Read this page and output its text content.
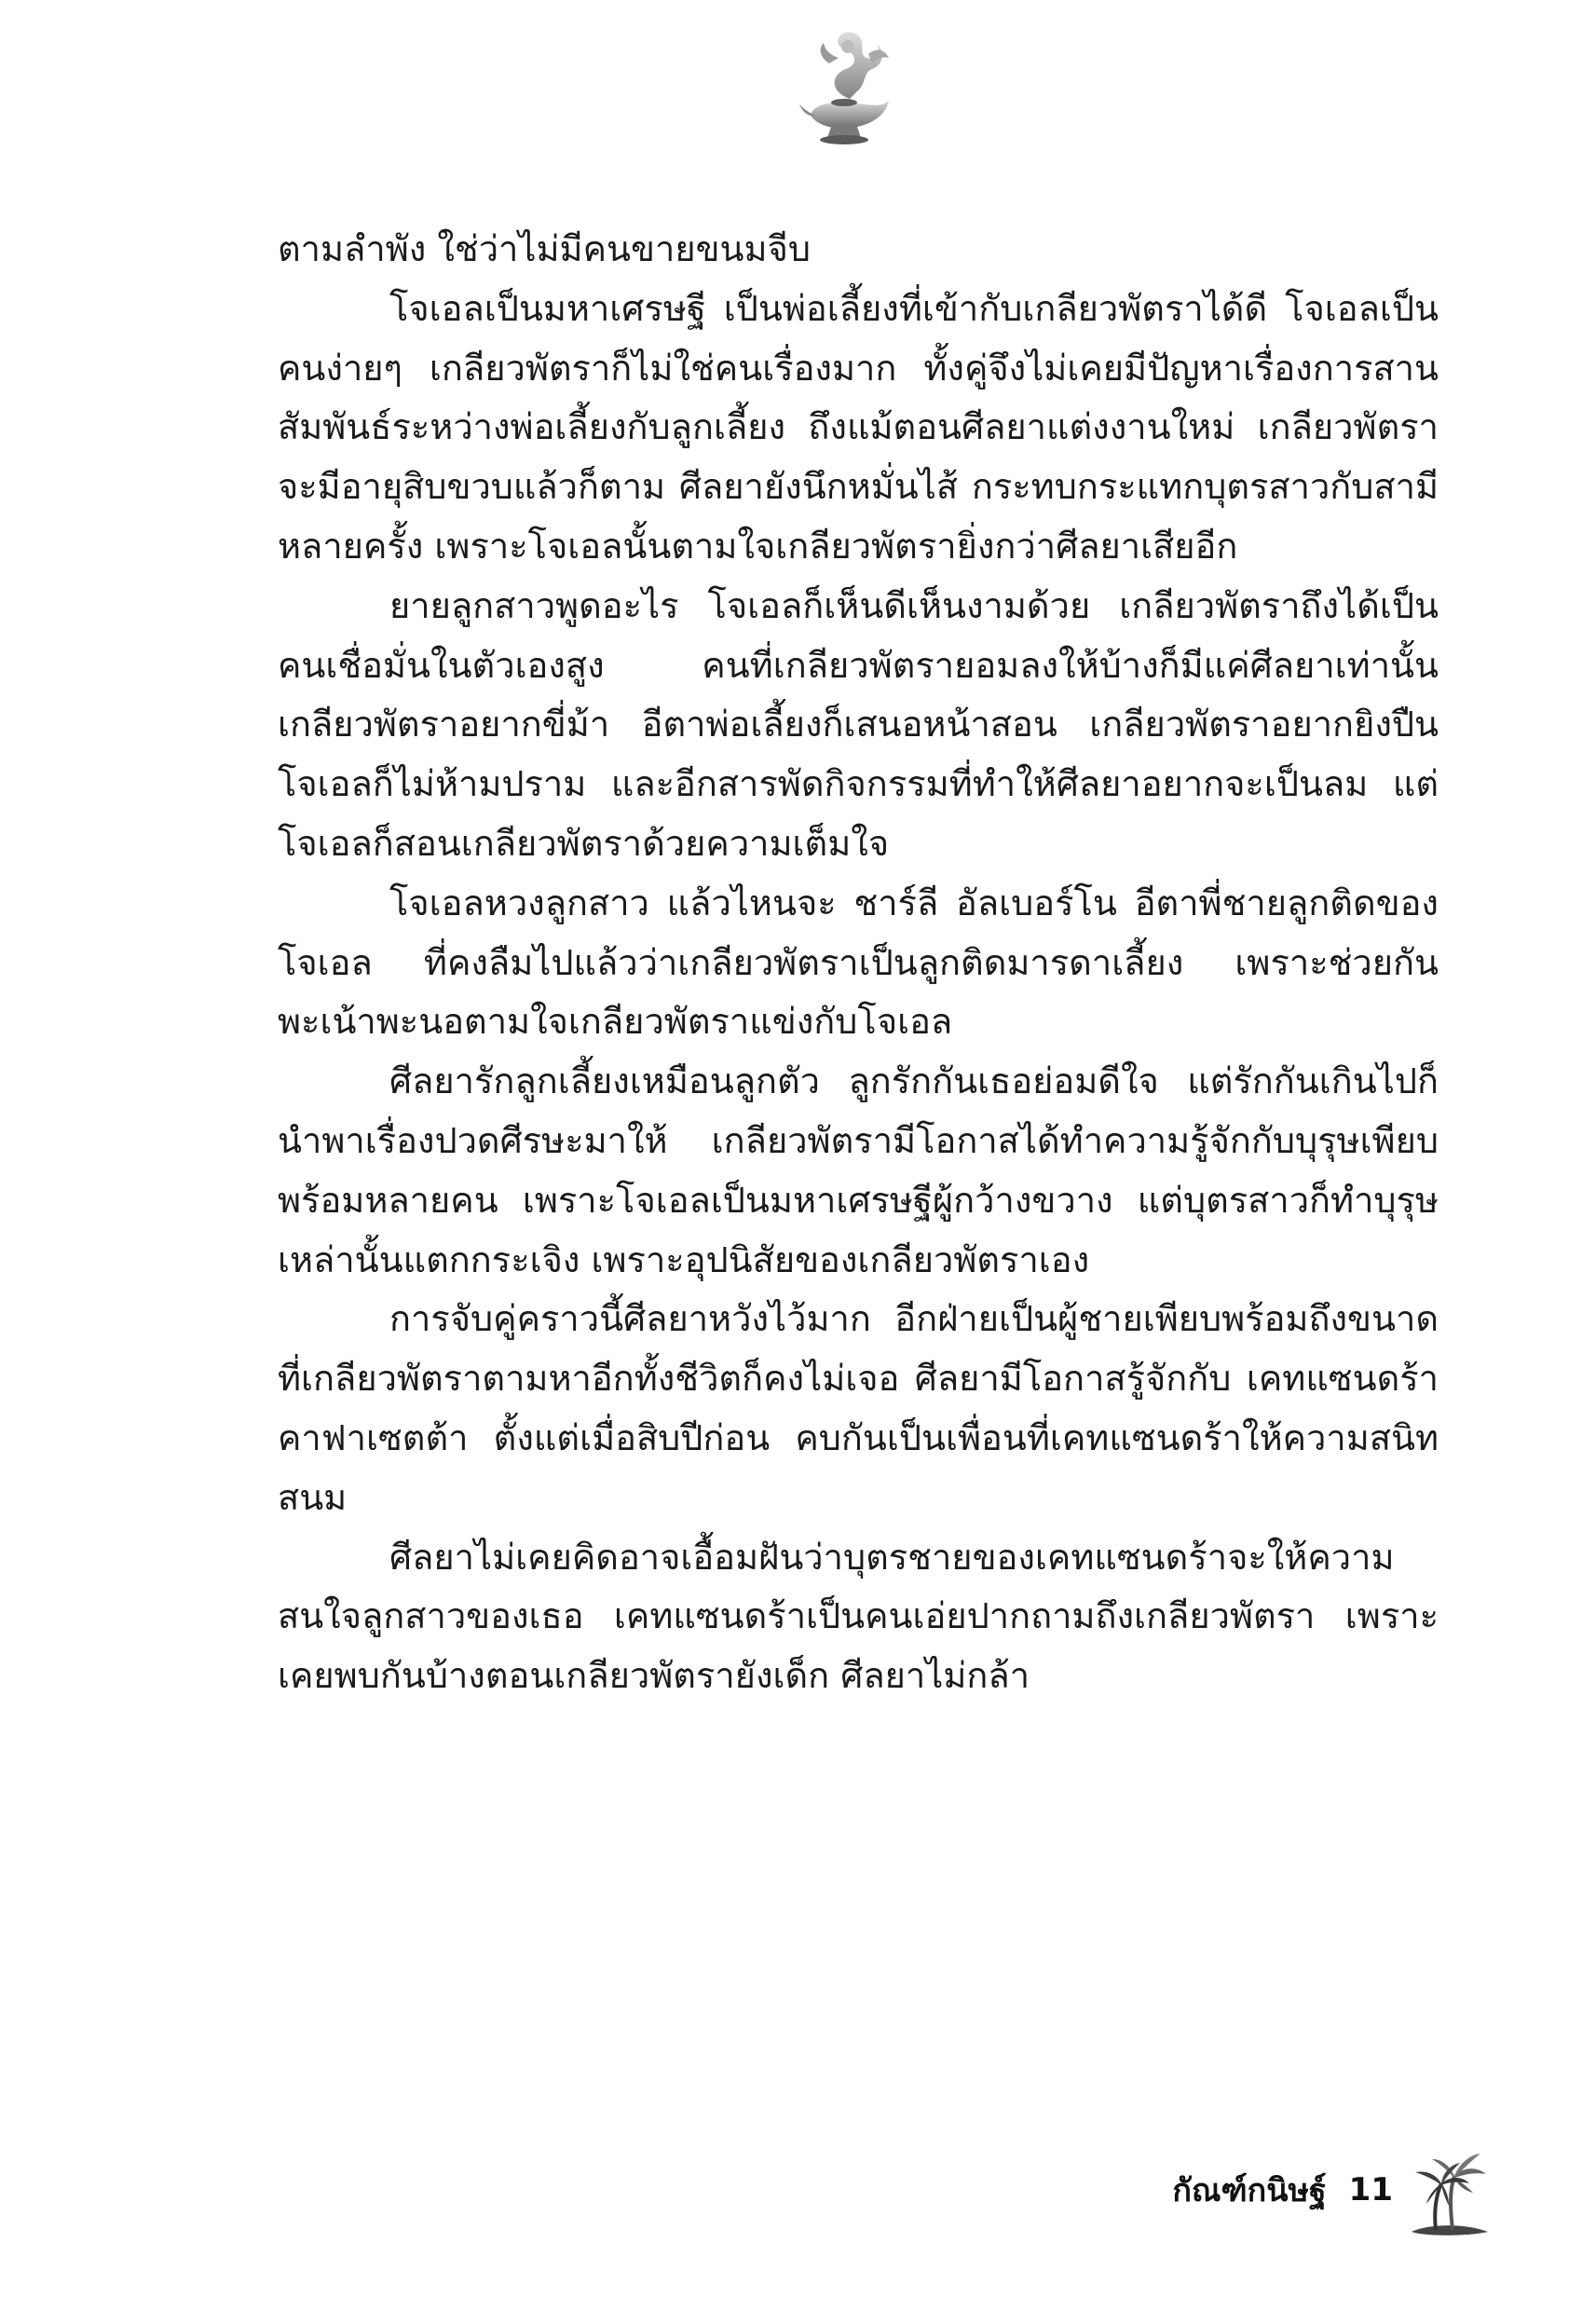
ตามลำพัง ใช่ว่าไม่มีคนขายขนมจีบ

โจเอลเป็นมหาเศรษฐี เป็นพ่อเลี้ยงที่เข้ากับเกลียวพัตราได้ดี โจเอลเป็นคนง่ายๆ เกลียวพัตราก็ไม่ใช่คนเรื่องมาก ทั้งคู่จึงไม่เคยมีปัญหาเรื่องการสานสัมพันธ์ระหว่างพ่อเลี้ยงกับลูกเลี้ยง ถึงแม้ตอนศีลยาแต่งงานใหม่ เกลียวพัตราจะมีอายุสิบขวบแล้วก็ตาม ศีลยายังนึกหมั่นไส้ กระทบกระแทกบุตรสาวกับสามีหลายครั้ง เพราะโจเอลนั้นตามใจเกลียวพัตรายิ่งกว่าศีลยาเสียอีก

ยายลูกสาวพูดอะไร โจเอลก็เห็นดีเห็นงามด้วย เกลียวพัตราถึงได้เป็นคนเชื่อมั่นในตัวเองสูง คนที่เกลียวพัตรายอมลงให้บ้างก็มีแค่ศีลยาเท่านั้น เกลียวพัตราอยากขี่ม้า อีตาพ่อเลี้ยงก็เสนอหน้าสอน เกลียวพัตราอยากยิงปืน โจเอลก็ไม่ห้ามปราม และอีกสารพัดกิจกรรมที่ทำให้ศีลยาอยากจะเป็นลม แต่โจเอลก็สอนเกลียวพัตราด้วยความเต็มใจ

โจเอลหวงลูกสาว แล้วไหนจะ ชาร์ลี อัลเบอร์โน อีตาพี่ชายลูกติดของโจเอล ที่คงลืมไปแล้วว่าเกลียวพัตราเป็นลูกติดมารดาเลี้ยง เพราะช่วยกันพะเน้าพะนอตามใจเกลียวพัตราแข่งกับโจเอล

ศีลยารักลูกเลี้ยงเหมือนลูกตัว ลูกรักกันเธอย่อมดีใจ แต่รักกันเกินไปก็นำพาเรื่องปวดศีรษะมาให้ เกลียวพัตรามีโอกาสได้ทำความรู้จักกับบุรุษเพียบพร้อมหลายคน เพราะโจเอลเป็นมหาเศรษฐีผู้กว้างขวาง แต่บุตรสาวก็ทำบุรุษเหล่านั้นแตกกระเจิง เพราะอุปนิสัยของเกลียวพัตราเอง

การจับคู่คราวนี้ศีลยาหวังไว้มาก อีกฝ่ายเป็นผู้ชายเพียบพร้อมถึงขนาดที่เกลียวพัตราตามหาอีกทั้งชีวิตก็คงไม่เจอ ศีลยามีโอกาสรู้จักกับ เคทแซนดร้า คาฟาเซตต้า ตั้งแต่เมื่อสิบปีก่อน คบกันเป็นเพื่อนที่เคทแซนดร้าให้ความสนิทสนม

ศีลยาไม่เคยคิดอาจเอื้อมฝันว่าบุตรชายของเคทแซนดร้าจะให้ความสนใจลูกสาวของเธอ เคทแซนดร้าเป็นคนเอ่ยปากถามถึงเกลียวพัตรา เพราะเคยพบกันบ้างตอนเกลียวพัตรายังเด็ก ศีลยาไม่กล้า

กัณฑ์กนิษฐ์ 11
